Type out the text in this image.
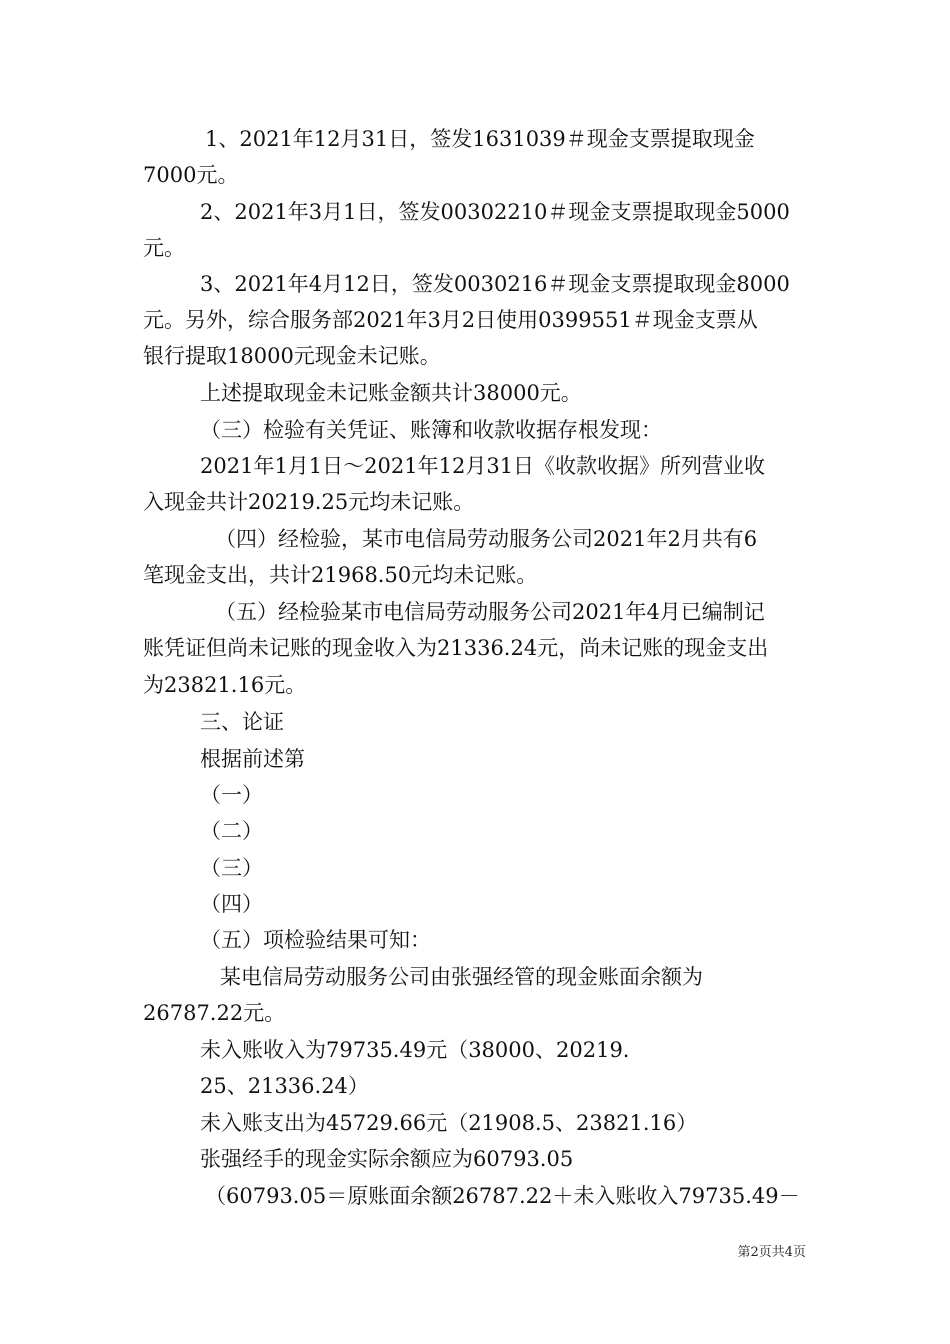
1、2021年12月31日，签发1631039＃现金支票提取现金
7000元。
2、2021年3月1日，签发00302210＃现金支票提取现金5000
元。
3、2021年4月12日，签发0030216＃现金支票提取现金8000
元。另外，综合服务部2021年3月2日使用0399551＃现金支票从
银行提取18000元现金未记账。
上述提取现金未记账金额共计38000元。
（三）检验有关凭证、账簿和收款收据存根发现：
2021年1月1日～2021年12月31日《收款收据》所列营业收
入现金共计20219.25元均未记账。
（四）经检验，某市电信局劳动服务公司2021年2月共有6
笔现金支出，共计21968.50元均未记账。
（五）经检验某市电信局劳动服务公司2021年4月已编制记
账凭证但尚未记账的现金收入为21336.24元，尚未记账的现金支出
为23821.16元。
三、论证
根据前述第
（一）
（二）
（三）
（四）
（五）项检验结果可知：
某电信局劳动服务公司由张强经管的现金账面余额为
26787.22元。
未入账收入为79735.49元（38000、20219.
25、21336.24）
未入账支出为45729.66元（21908.5、23821.16）
张强经手的现金实际余额应为60793.05
（60793.05＝原账面余额26787.22＋未入账收入79735.49－
第2页共4页
